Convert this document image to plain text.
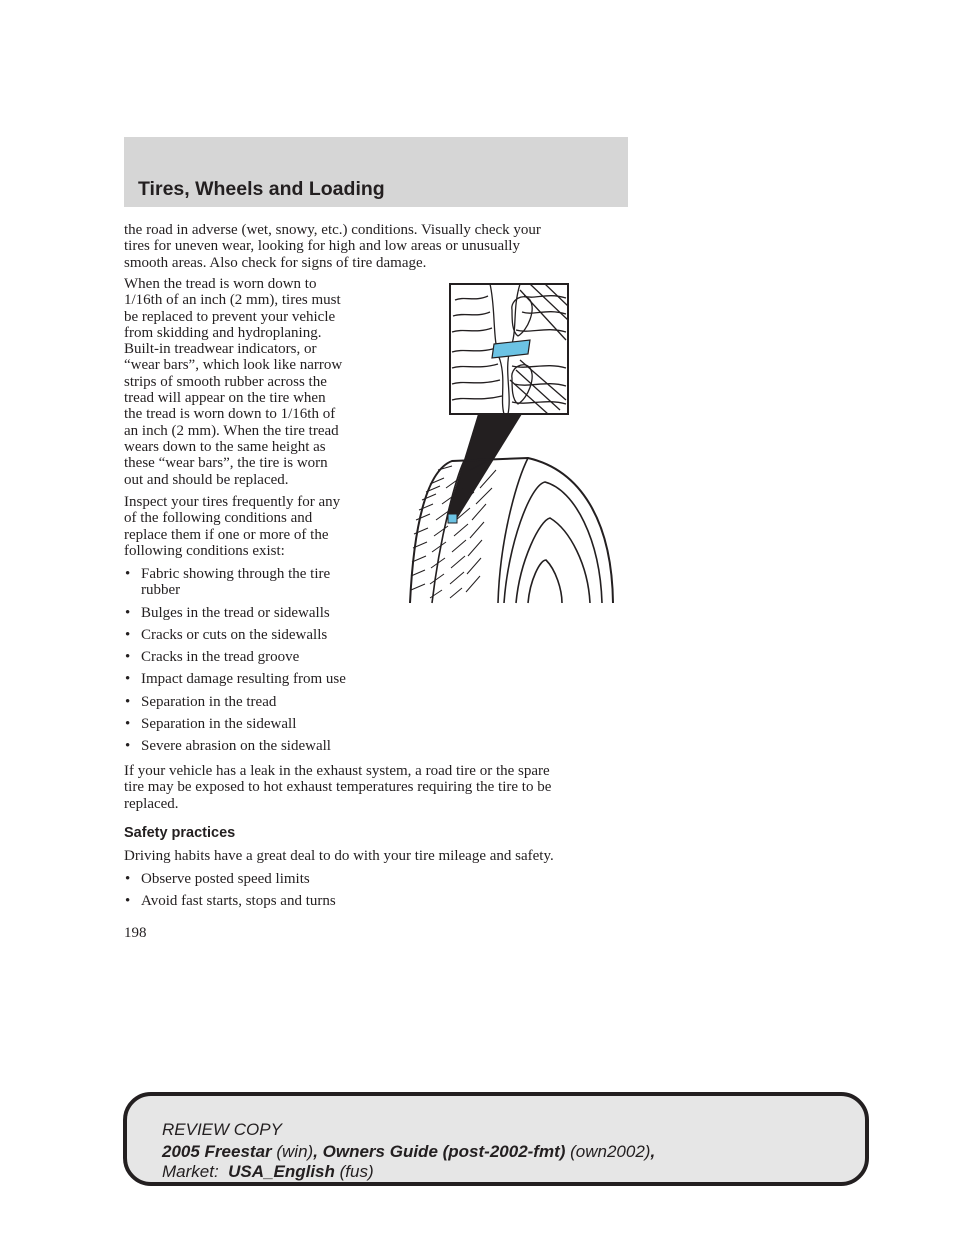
Tires, Wheels and Loading

the road in adverse (wet, snowy, etc.) conditions. Visually check your
tires for uneven wear, looking for high and low areas or unusually
smooth areas. Also check for signs of tire damage.

When the tread is worn down to
1/16th of an inch (2 mm), tires must
be replaced to prevent your vehicle
from skidding and hydroplaning.
Built-in treadwear indicators, or
“wear bars”, which look like narrow
strips of smooth rubber across the
tread will appear on the tire when
the tread is worn down to 1/16th of
an inch (2 mm). When the tire tread
wears down to the same height as
these “wear bars”, the tire is worn
out and should be replaced.

Inspect your tires frequently for any
of the following conditions and
replace them if one or more of the
following conditions exist:

• Fabric showing through the tire
rubber
• Bulges in the tread or sidewalls
• Cracks or cuts on the sidewalls
• Cracks in the tread groove
• Impact damage resulting from use
• Separation in the tread
• Separation in the sidewall
• Severe abrasion on the sidewall

If your vehicle has a leak in the exhaust system, a road tire or the spare
tire may be exposed to hot exhaust temperatures requiring the tire to be
replaced.

Safety practices

Driving habits have a great deal to do with your tire mileage and safety.

• Observe posted speed limits
• Avoid fast starts, stops and turns
198
REVIEW COPY
2005 Freestar (win), Owners Guide (post-2002-fmt) (own2002),
Market: USA_English (fus)
